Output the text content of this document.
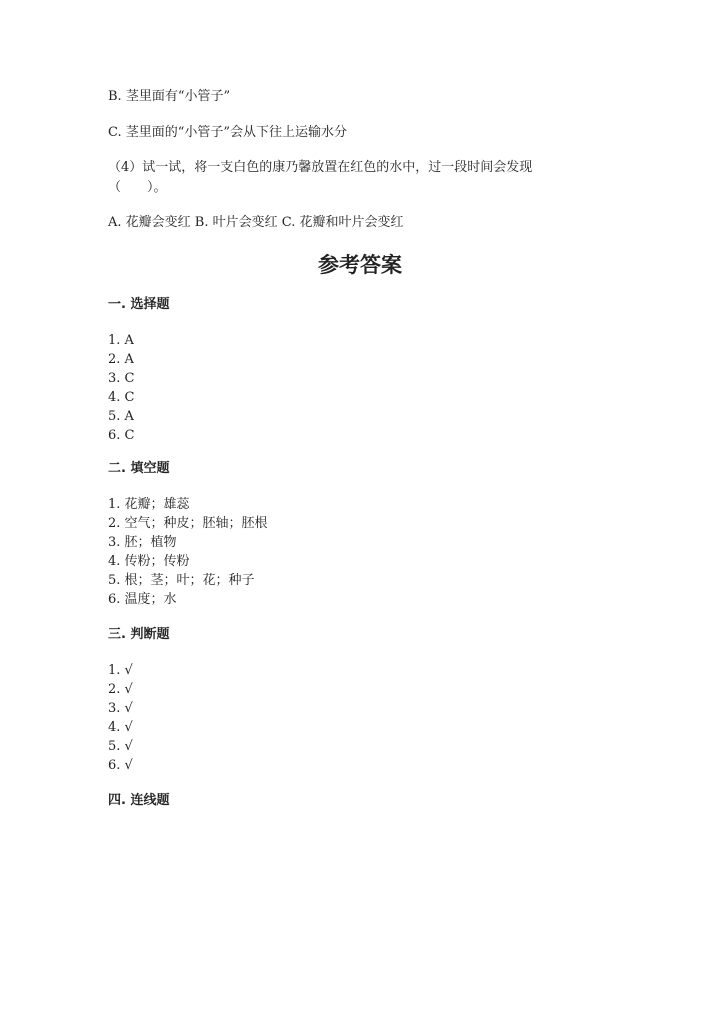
B. 茎里面有“小管子”
C. 茎里面的“小管子”会从下往上运输水分
（4）试一试，将一支白色的康乃馨放置在红色的水中，过一段时间会发现
（　　）。
A. 花瓣会变红 B. 叶片会变红 C. 花瓣和叶片会变红
参考答案
一. 选择题
1. A
2. A
3. C
4. C
5. A
6. C
二. 填空题
1. 花瓣；雄蕊
2. 空气；种皮；胚轴；胚根
3. 胚；植物
4. 传粉；传粉
5. 根；茎；叶；花；种子
6. 温度；水
三. 判断题
1. √
2. √
3. √
4. √
5. √
6. √
四. 连线题
